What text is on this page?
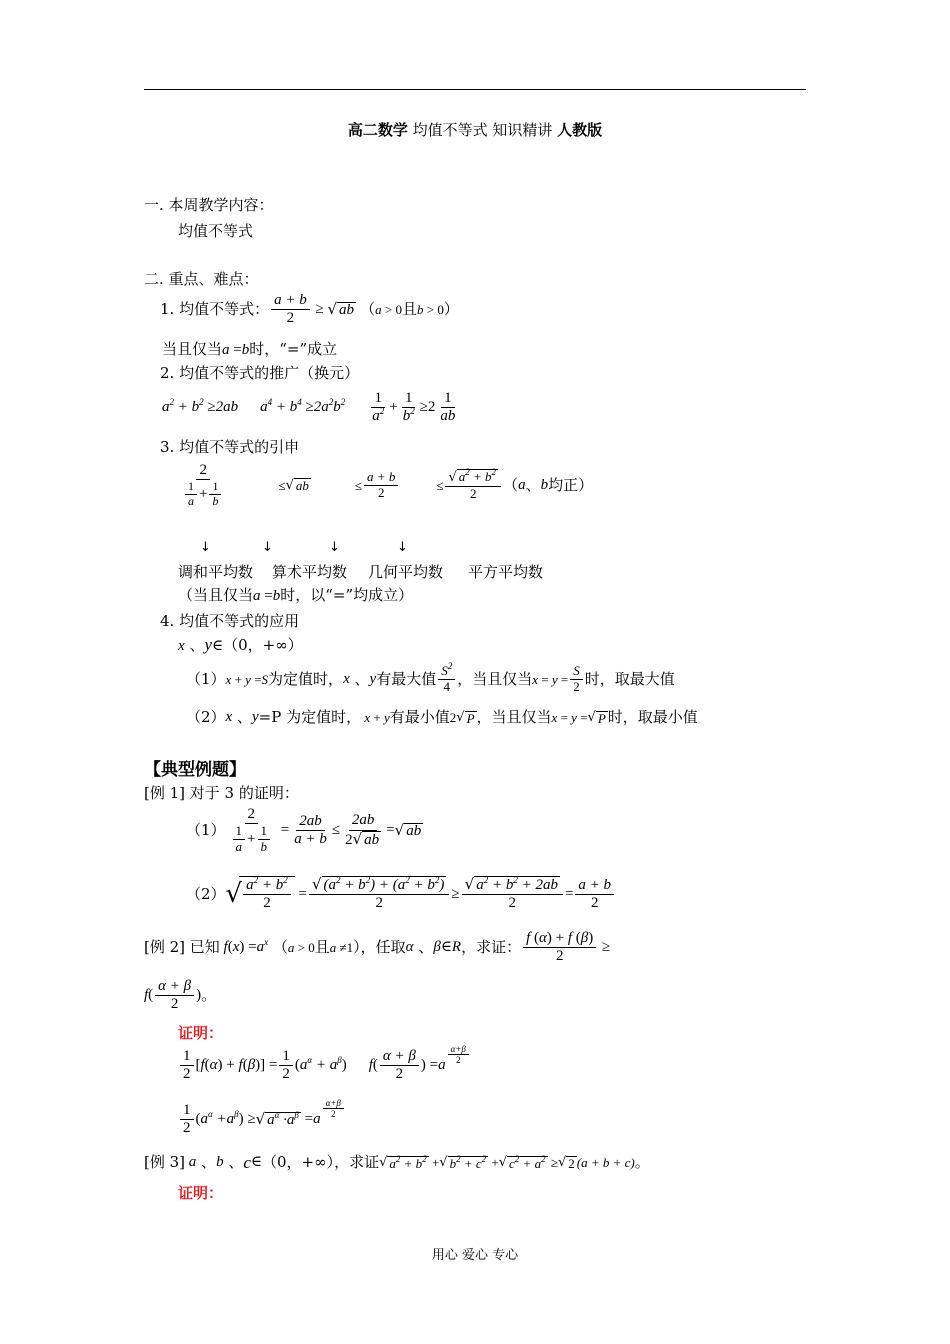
高二数学 均值不等式 知识精讲 人教版
一. 本周教学内容：
均值不等式
二. 重点、难点：
1. 均值不等式： $\frac{a + b}{2}$ ≥ √ ab
（ a > 0 且 b > 0 ）
当且仅当a =b时，“=”成立
2. 均值不等式的推广（换元）
$a^2 + b^2 \ge 2ab$ $a^4 + b^4 \ge 2a^2b^2 \frac{1}{a^2} + \frac{1}{b^2} \ge 2 \frac{1}{ab}$
3. 均值不等式的引申
$\frac{2}{\frac{1}{a} + \frac{1}{b}}$	≤ √ ab	≤ $\frac{a + b}{2}$	≤ $\frac{√ a^2 + b^2}{2}$ （ a 、 b 均正）
↓	↓	↓	↓
调和平均数 算术平均数 几何平均数 平方平均数
（当且仅当a =b时，以“=”均成立）
4. 均值不等式的应用
x 、y∈（0，+∞）
（1） x + y = S 为定值时， x 、 y 有最大值 $\frac{S^2}{4}$ ，当且仅当 $x = y = \frac{S}{2}$ 时，取最大值
（2） x 、 y =P 为定值时， x + y 有最小值 2 √ P ，当且仅当 x = y = √ P 时，取最小值
【典型例题】
[例 1] 对于 3 的证明：
$(1) \frac{2}{\frac{1}{a} + \frac{1}{b}} = \frac{2ab}{a + b} \le \frac{2ab}{2√ ab}$ = √ ab
（2） √ $\frac{a^2 + b^2}{2} = \frac{√ (a^2 + b^2) + (a^2 + b^2)}{2} \ge \frac{√ a^2 + b^2 + 2ab}{2} = \frac{a + b}{2}$
[例 2] 已知 f ( x ) = $a^x$
（ a > 0 且 a ≠1 ），任取 α 、 β ∈ R ，求证： $\frac{f (\alpha) + f (\beta)}{2}$ ≥
f ( $\frac{\alpha + \beta}{2}$ ) 。
证明：
$\frac{1}{2}$ [ f ( α ) + f ( β )] = $\frac{1}{2}$ ( $a^\alpha + a^\beta$ ) f ( $\frac{\alpha + \beta}{2}$ ) = a $\frac{\alpha+\beta}{2}$
$\frac{1}{2}$ ( $a^\alpha +a^\beta$ ) ≥ √ $a^\alpha \cdot a^\beta = a \frac{\alpha+\beta}{2}$
[例 3] a 、 b 、 c ∈ （0，+∞），求证 √ $a^2 + b^2$ + √ $b^2 + c^2$ + √ $c^2 + a^2$ ≥ √ 2 (a + b + c) 。
证明：
用心 爱心 专心
